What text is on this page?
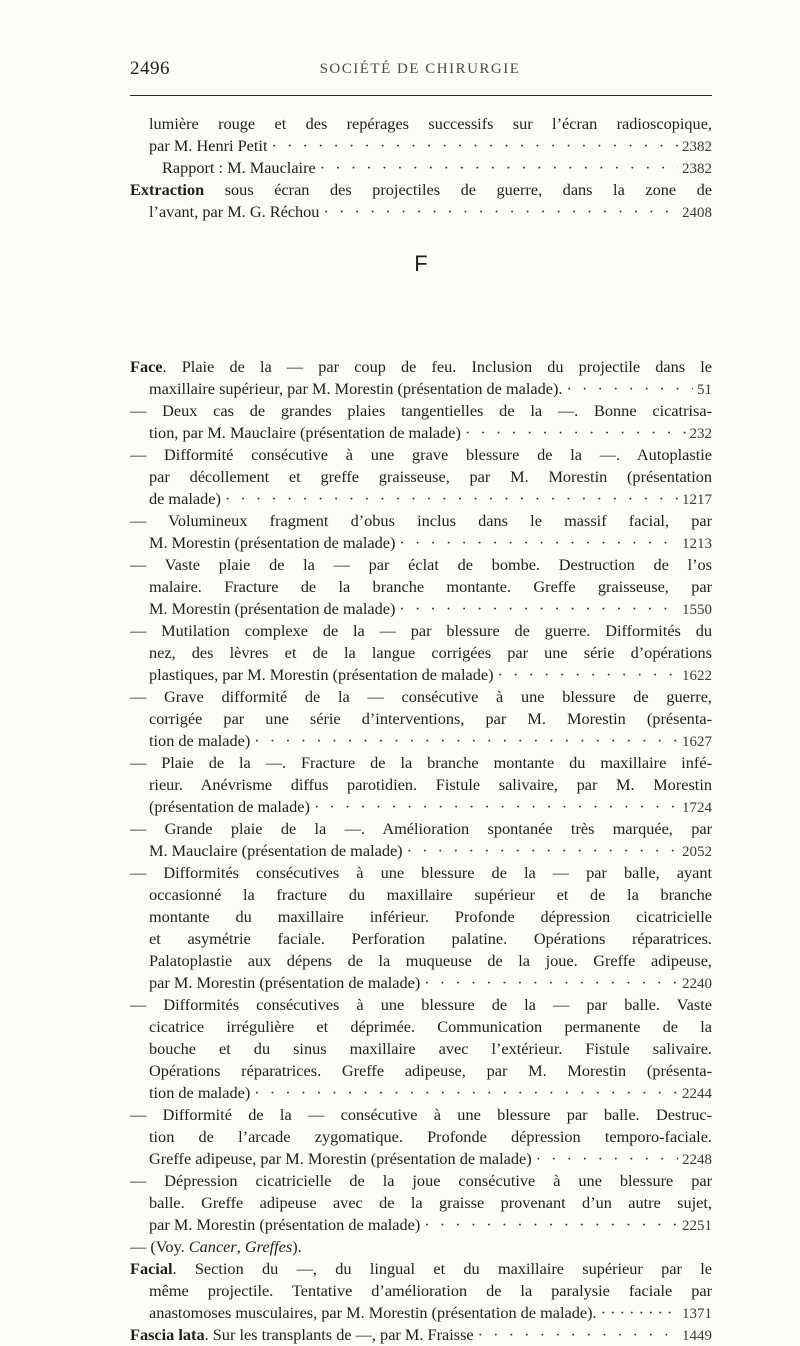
2496	SOCIÉTÉ DE CHIRURGIE
lumière rouge et des repérages successifs sur l’écran radioscopique,
par M. Henri Petit · · ·	2382
Rapport : M. Mauclaire · · ·	2382
Extraction sous écran des projectiles de guerre, dans la zone de
l’avant, par M. G. Réchou · · ·	2408
F
Face. Plaie de la — par coup de feu. Inclusion du projectile dans le
maxillaire supérieur, par M. Morestin (présentation de malade). · · ·	51
— Deux cas de grandes plaies tangentielles de la —. Bonne cicatrisa-
tion, par M. Mauclaire (présentation de malade) · · ·	232
— Difformité consécutive à une grave blessure de la —. Autoplastie
par décollement et greffe graisseuse, par M. Morestin (présentation
de malade) · · ·	1217
— Volumineux fragment d’obus inclus dans le massif facial, par
M. Morestin (présentation de malade) · · ·	1213
— Vaste plaie de la — par éclat de bombe. Destruction de l’os
malaire. Fracture de la branche montante. Greffe graisseuse, par
M. Morestin (présentation de malade) · · ·	1550
— Mutilation complexe de la — par blessure de guerre. Difformités du
nez, des lèvres et de la langue corrigées par une série d’opérations
plastiques, par M. Morestin (présentation de malade) · · ·	1622
— Grave difformité de la — consécutive à une blessure de guerre,
corrigée par une série d’interventions, par M. Morestin (présenta-
tion de malade) · · ·	1627
— Plaie de la —. Fracture de la branche montante du maxillaire infé-
rieur. Anévrisme diffus parotidien. Fistule salivaire, par M. Morestin
(présentation de malade) · · ·	1724
— Grande plaie de la —. Amélioration spontanée très marquée, par
M. Mauclaire (présentation de malade) · · ·	2052
— Difformités consécutives à une blessure de la — par balle, ayant
occasionné la fracture du maxillaire supérieur et de la branche
montante du maxillaire inférieur. Profonde dépression cicatricielle
et asymétrie faciale. Perforation palatine. Opérations réparatrices.
Palatoplastie aux dépens de la muqueuse de la joue. Greffe adipeuse,
par M. Morestin (présentation de malade) · · ·	2240
— Difformités consécutives à une blessure de la — par balle. Vaste
cicatrice irrégulière et déprimée. Communication permanente de la
bouche et du sinus maxillaire avec l’extérieur. Fistule salivaire.
Opérations réparatrices. Greffe adipeuse, par M. Morestin (présenta-
tion de malade) · · ·	2244
— Difformité de la — consécutive à une blessure par balle. Destruc-
tion de l’arcade zygomatique. Profonde dépression temporo-faciale.
Greffe adipeuse, par M. Morestin (présentation de malade) · · ·	2248
— Dépression cicatricielle de la joue consécutive à une blessure par
balle. Greffe adipeuse avec de la graisse provenant d’un autre sujet,
par M. Morestin (présentation de malade) · · ·	2251
— (Voy. Cancer, Greffes).
Facial. Section du —, du lingual et du maxillaire supérieur par le
même projectile. Tentative d’amélioration de la paralysie faciale par
anastomoses musculaires, par M. Morestin (présentation de malade). · · ·	1371
Fascia lata. Sur les transplants de —, par M. Fraisse · · ·	1449
